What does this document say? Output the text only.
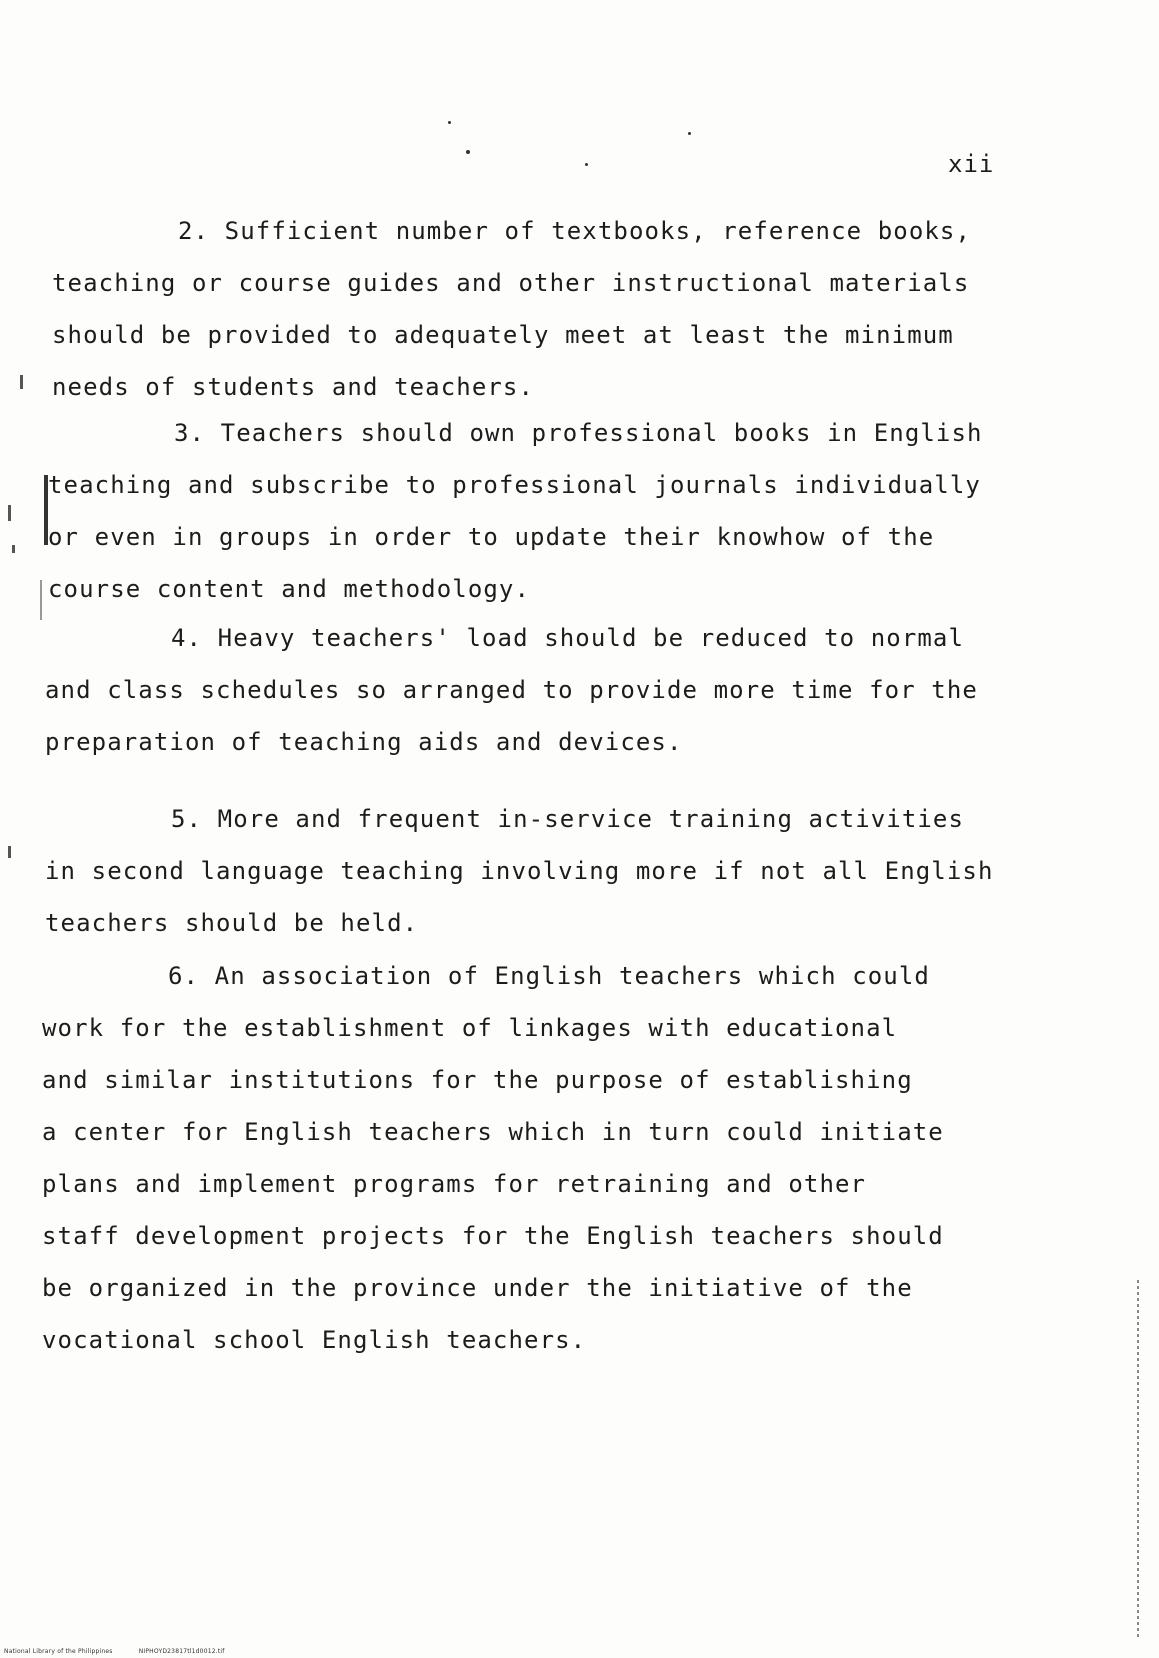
xii

2. Sufficient number of textbooks, reference books,
teaching or course guides and other instructional materials
should be provided to adequately meet at least the minimum
needs of students and teachers.

3. Teachers should own professional books in English
teaching and subscribe to professional journals individually
or even in groups in order to update their knowhow of the
course content and methodology.

4. Heavy teachers' load should be reduced to normal
and class schedules so arranged to provide more time for the
preparation of teaching aids and devices.

5. More and frequent in-service training activities
in second language teaching involving more if not all English
teachers should be held.

6. An association of English teachers which could
work for the establishment of linkages with educational
and similar institutions for the purpose of establishing
a center for English teachers which in turn could initiate
plans and implement programs for retraining and other
staff development projects for the English teachers should
be organized in the province under the initiative of the
vocational school English teachers.

National Library of the Philippines	NIPHOYD23817tl1d0012.tif
